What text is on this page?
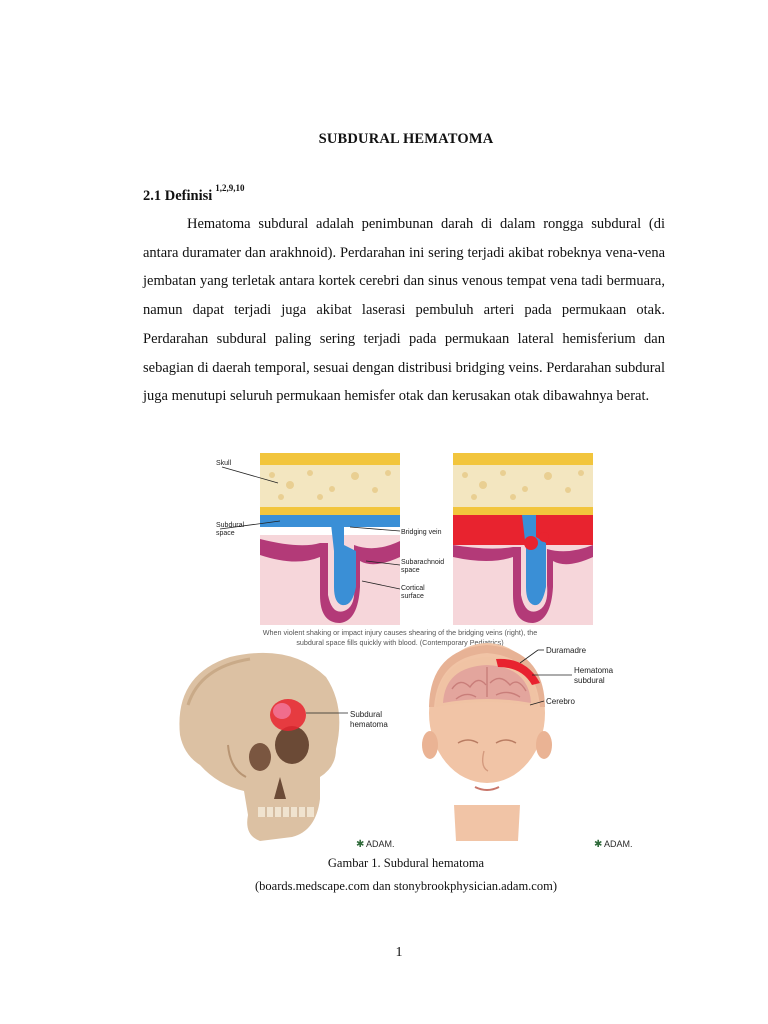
SUBDURAL HEMATOMA
2.1 Definisi $^{1,2,9,10}$

Hematoma subdural adalah penimbunan darah di dalam rongga subdural (di antara duramater dan arakhnoid). Perdarahan ini sering terjadi akibat robeknya vena-vena jembatan yang terletak antara kortek cerebri dan sinus venous tempat vena tadi bermuara, namun dapat terjadi juga akibat laserasi pembuluh arteri pada permukaan otak. Perdarahan subdural paling sering terjadi pada permukaan lateral hemisferium dan sebagian di daerah temporal, sesuai dengan distribusi bridging veins. Perdarahan subdural juga menutupi seluruh permukaan hemisfer otak dan kerusakan otak dibawahnya berat.

Skull
Subdural
space	Bridging vein
Subarachnoid
space
Cortical
surface
When violent shaking or impact injury causes shearing of the bridging veins (right), the
subdural space fills quickly with blood. (Contemporary Pediatrics)
Subdural
hematoma
Duramadre
Hematoma
subdural
Cerebro
✱ ADAM.	✱ ADAM.
Gambar 1. Subdural hematoma
(boards.medscape.com dan stonybrookphysician.adam.com)
1
